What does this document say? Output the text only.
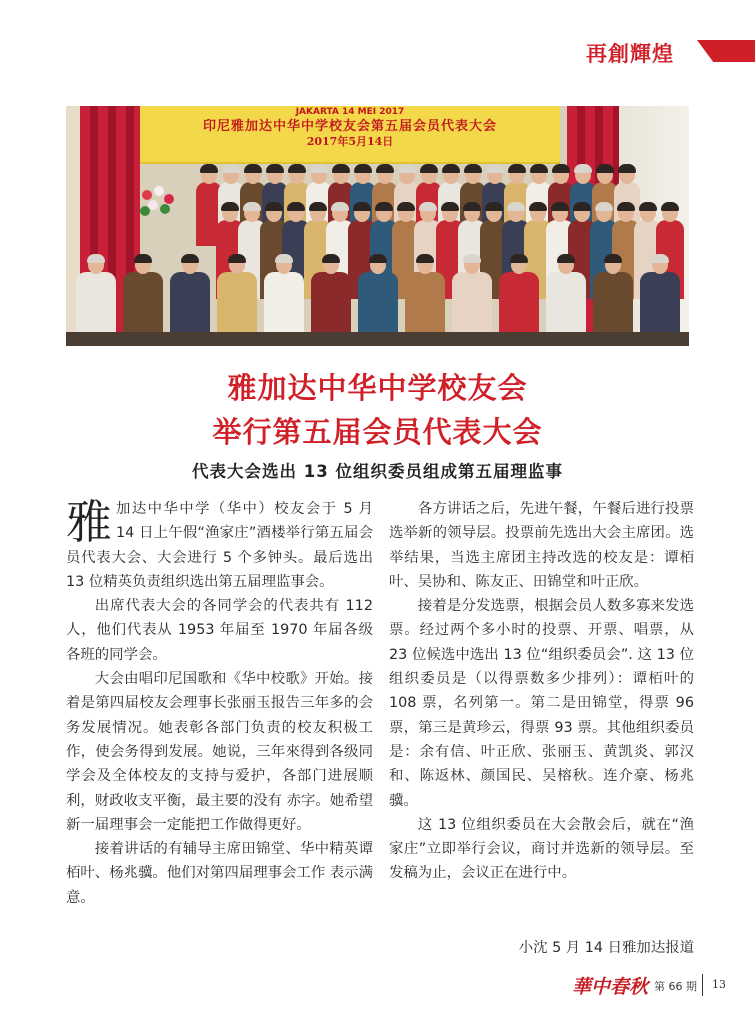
再創輝煌
JAKARTA 14 MEI 2017
印尼雅加达中华中学校友会第五届会员代表大会
2017年5月14日
雅加达中华中学校友会
举行第五届会员代表大会
代表大会选出 13 位组织委员组成第五届理监事

雅加达中华中学（华中）校友会于 5 月 14 日上午假“渔家庄”酒楼举行第五届会员代表大会、大会进行 5 个多钟头。最后选出 13 位精英负责组织选出第五届理监事会。

出席代表大会的各同学会的代表共有 112 人，他们代表从 1953 年届至 1970 年届各级各班的同学会。

大会由唱印尼国歌和《华中校歌》开始。接着是第四届校友会理事长张丽玉报告三年多的会务发展情况。她表彰各部门负责的校友积极工作，使会务得到发展。她说，三年來得到各级同学会及全体校友的支持与爱护，各部门进展顺利，财政收支平衡，最主要的没有 赤字。她希望新一届理事会一定能把工作做得更好。

接着讲话的有辅导主席田锦堂、华中精英谭栢叶、杨兆骥。他们对第四届理事会工作 表示满意。

各方讲话之后，先进午餐，午餐后进行投票选举新的领导层。投票前先选出大会主席团。选举结果，当选主席团主持改选的校友是：谭栢叶、吴协和、陈友正、田锦堂和叶正欣。

接着是分发选票，根据会员人数多寡来发选票。经过两个多小时的投票、开票、唱票，从 23 位候选中选出 13 位“组织委员会”. 这 13 位组织委员是（以得票数多少排列）：谭栢叶的 108 票，名列第一。第二是田锦堂，得票 96 票，第三是黄珍云，得票 93 票。其他组织委员是：余有信、叶正欣、张丽玉、黄凯炎、郭汉和、陈返林、颜国民、吴榕秋。连介豪、杨兆骥。

这 13 位组织委员在大会散会后，就在“渔家庄”立即举行会议，商讨并选新的领导层。至发稿为止，会议正在进行中。

小沈 5 月 14 日雅加达报道
華中春秋 第 66 期 13
